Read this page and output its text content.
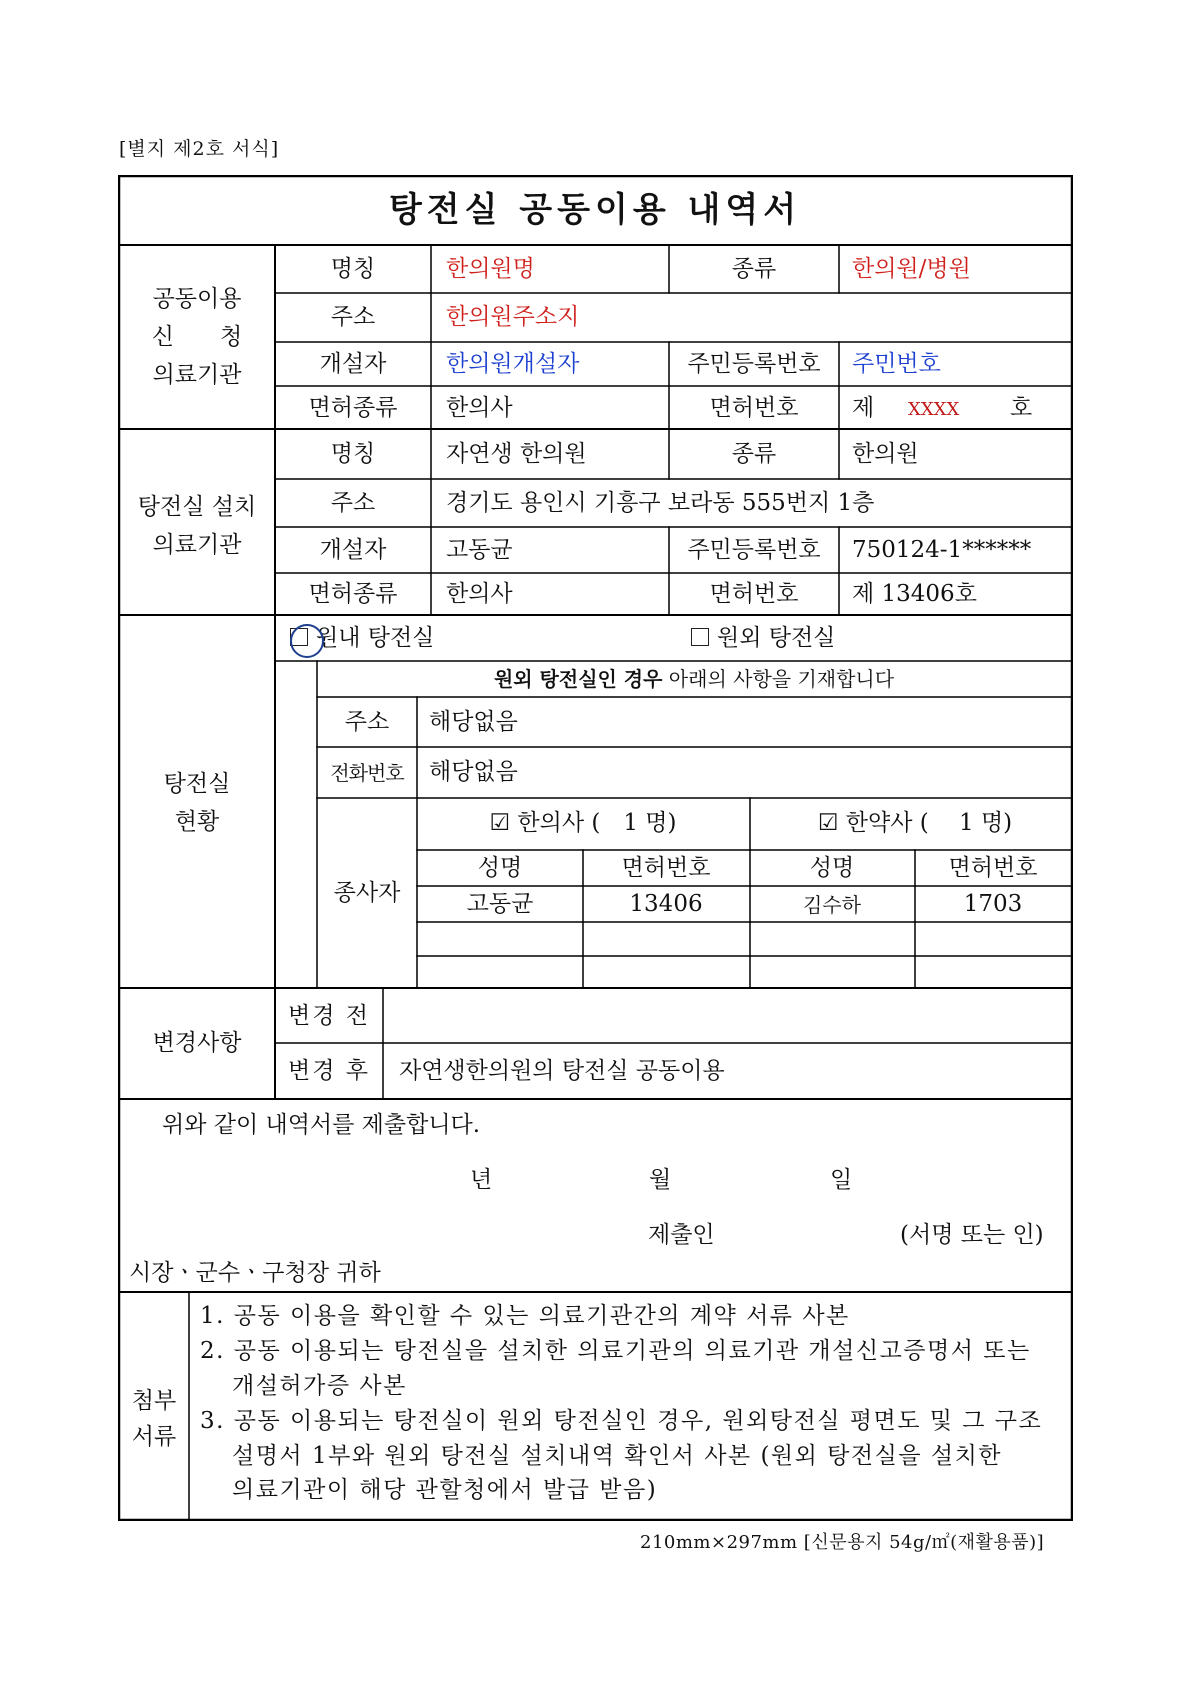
[별지 제2호 서식]
탕전실 공동이용 내역서
공동이용
신　　청
의료기관
명칭	한의원명	종류	한의원/병원
주소	한의원주소지
개설자	한의원개설자	주민등록번호 주민번호
면허종류 한의사	면허번호 제 XXXX 호
탕전실 설치
의료기관
명칭	자연생 한의원	종류	한의원
주소	경기도 용인시 기흥구 보라동 555번지 1층
개설자	고동균	주민등록번호 750124-1******
면허종류 한의사	면허번호 제 13406호
탕전실
현황
원내 탕전실	원외 탕전실
원외 탕전실인 경우 아래의 사항을 기재합니다
주소 해당없음
전화번호 해당없음
종사자
☑ 한의사 (　1 명)	☑ 한약사 (　 1 명)
성명	면허번호	성명	면허번호
고동균	13406	김수하	1703
변경사항
변경 전
변경 후 자연생한의원의 탕전실 공동이용
위와 같이 내역서를 제출합니다.
년	월	일
제출인	(서명 또는 인)
시장ㆍ군수ㆍ구청장 귀하
첨부
서류
1. 공동 이용을 확인할 수 있는 의료기관간의 계약 서류 사본
2. 공동 이용되는 탕전실을 설치한 의료기관의 의료기관 개설신고증명서 또는
개설허가증 사본
3. 공동 이용되는 탕전실이 원외 탕전실인 경우, 원외탕전실 평면도 및 그 구조
설명서 1부와 원외 탕전실 설치내역 확인서 사본 (원외 탕전실을 설치한
의료기관이 해당 관할청에서 발급 받음)
210mm×297mm [신문용지 54g/㎡(재활용품)]
